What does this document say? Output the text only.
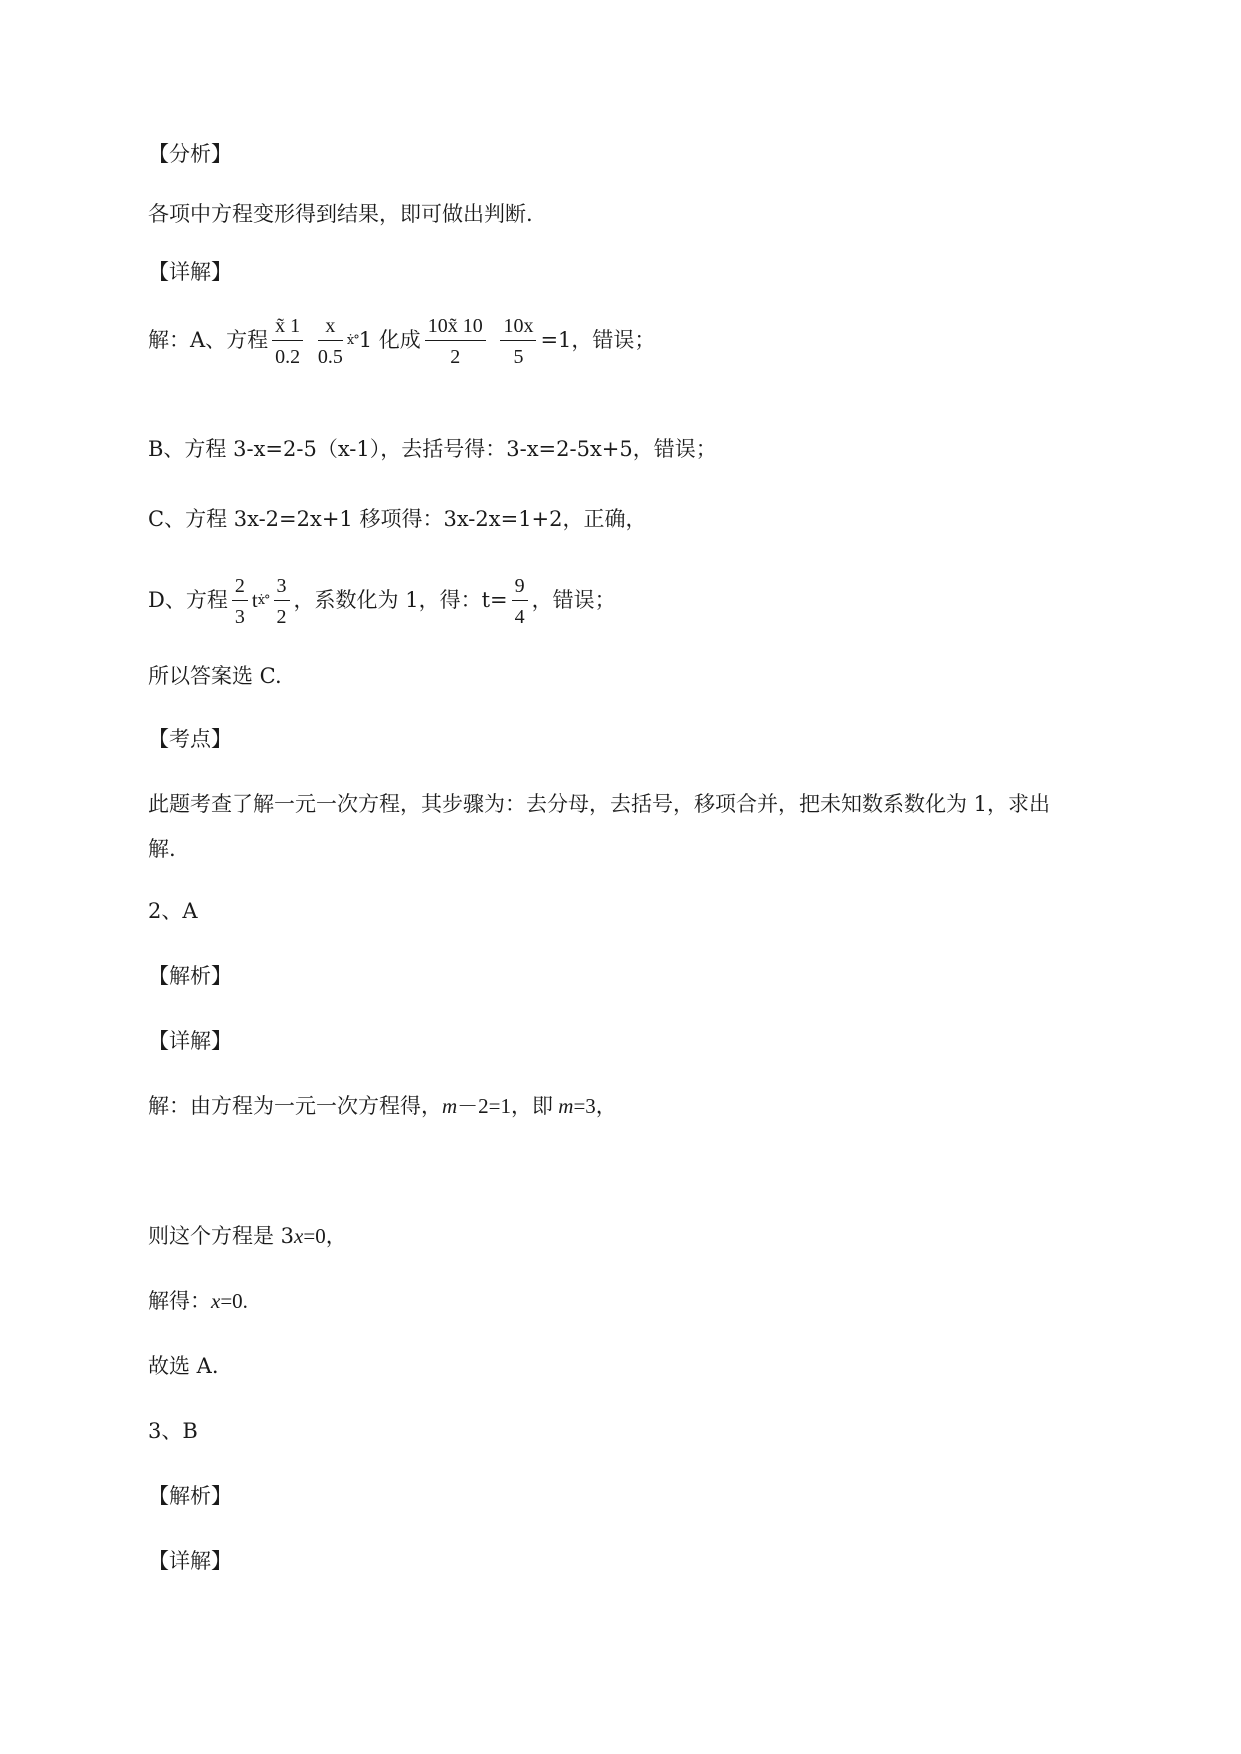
【分析】
各项中方程变形得到结果，即可做出判断.
【详解】
解：A、方程 $\frac{x̃ 1}{0.2}$
$\frac{x}{0.5}$ ẋ°1 化成 $\frac{10x̃ 10}{2}$
$\frac{10x}{5} =1$，错误；
B、方程 3-x=2-5（x-1），去括号得：3-x=2-5x+5，错误；
C、方程 3x-2=2x+1 移项得：3x-2x=1+2，正确，
D、方程 $\frac{2}{3}$ tẋ° $\frac{3}{2}$ ，系数化为 1，得：$t= \frac{9}{4}$ ，错误；
所以答案选 C.
【考点】
此题考查了解一元一次方程，其步骤为：去分母，去括号，移项合并，把未知数系数化为 1，求出
解.
2、A
【解析】
【详解】
解：由方程为一元一次方程得，m－2=1，即 m=3，
则这个方程是 3x=0，
解得：x=0.
故选 A.
3、B
【解析】
【详解】
